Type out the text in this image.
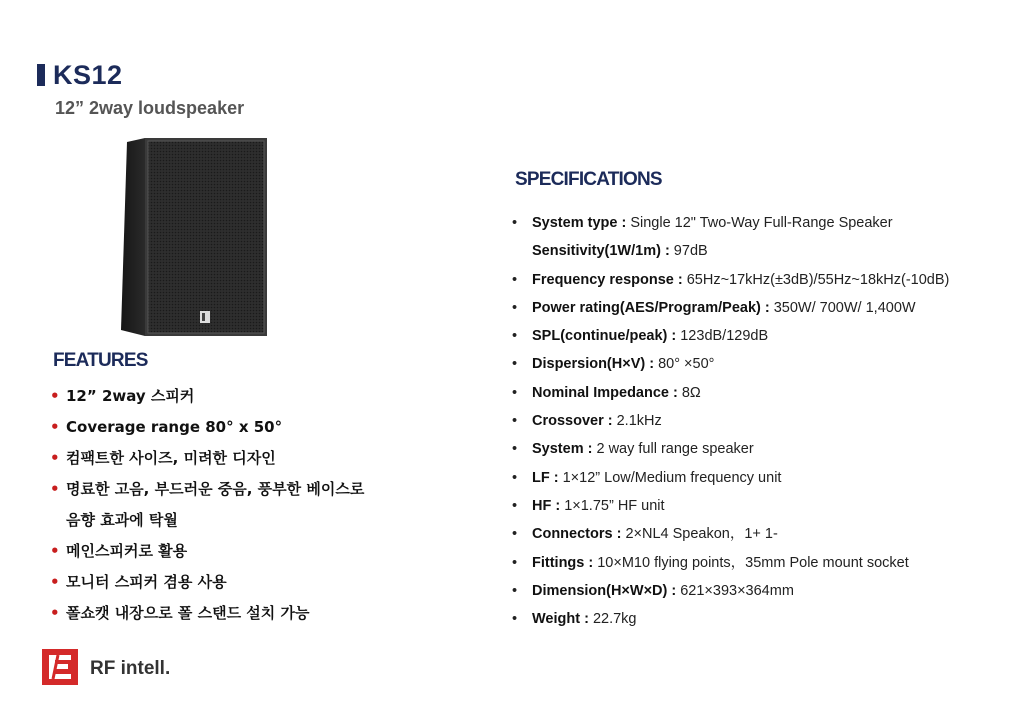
KS12
12” 2way loudspeaker
FEATURES
• 12” 2way 스피커
• Coverage range 80° x 50°
• 컴팩트한 사이즈, 미려한 디자인
• 명료한 고음, 부드러운 중음, 풍부한 베이스로
음향 효과에 탁월
• 메인스피커로 활용
• 모니터 스피커 겸용 사용
• 폴쇼캣 내장으로 폴 스탠드 설치 가능
SPECIFICATIONS
• System type : Single 12" Two-Way Full-Range Speaker
Sensitivity(1W/1m) : 97dB
• Frequency response : 65Hz~17kHz(±3dB)/55Hz~18kHz(-10dB)
• Power rating(AES/Program/Peak) : 350W/ 700W/ 1,400W
• SPL(continue/peak) : 123dB/129dB
• Dispersion(H×V) : 80° ×50°
• Nominal Impedance : 8Ω
• Crossover : 2.1kHz
• System : 2 way full range speaker
• LF : 1×12” Low/Medium frequency unit
• HF : 1×1.75” HF unit
• Connectors : 2×NL4 Speakon，1+ 1-
• Fittings : 10×M10 flying points，35mm Pole mount socket
• Dimension(H×W×D) : 621×393×364mm
• Weight : 22.7kg
RF intell.
